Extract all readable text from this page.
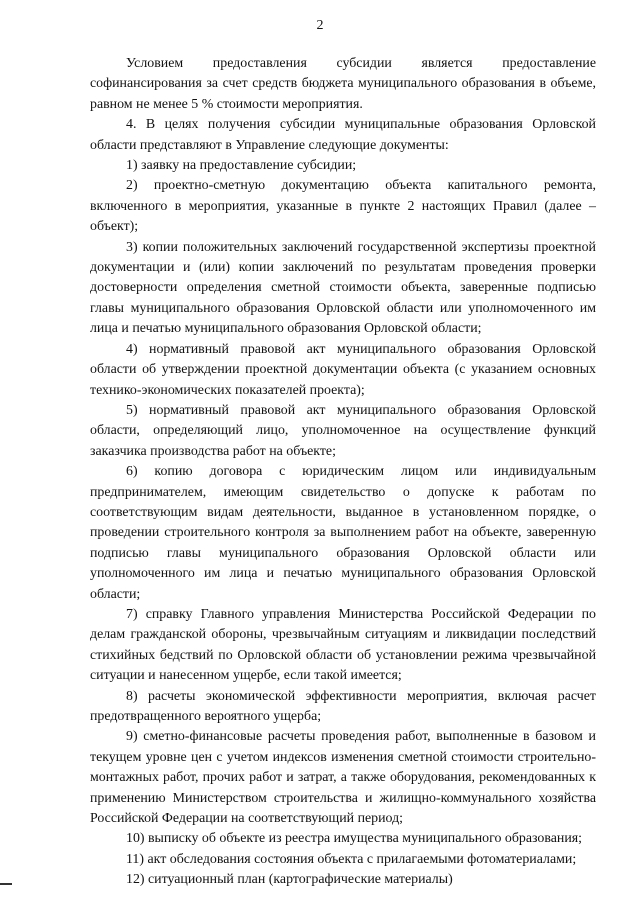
2

Условием предоставления субсидии является предоставление софинансирования за счет средств бюджета муниципального образования в объеме, равном не менее 5 % стоимости мероприятия.

4. В целях получения субсидии муниципальные образования Орловской области представляют в Управление следующие документы:

1) заявку на предоставление субсидии;

2) проектно-сметную документацию объекта капитального ремонта, включенного в мероприятия, указанные в пункте 2 настоящих Правил (далее – объект);

3) копии положительных заключений государственной экспертизы проектной документации и (или) копии заключений по результатам проведения проверки достоверности определения сметной стоимости объекта, заверенные подписью главы муниципального образования Орловской области или уполномоченного им лица и печатью муниципального образования Орловской области;

4) нормативный правовой акт муниципального образования Орловской области об утверждении проектной документации объекта (с указанием основных технико-экономических показателей проекта);

5) нормативный правовой акт муниципального образования Орловской области, определяющий лицо, уполномоченное на осуществление функций заказчика производства работ на объекте;

6) копию договора с юридическим лицом или индивидуальным предпринимателем, имеющим свидетельство о допуске к работам по соответствующим видам деятельности, выданное в установленном порядке, о проведении строительного контроля за выполнением работ на объекте, заверенную подписью главы муниципального образования Орловской области или уполномоченного им лица и печатью муниципального образования Орловской области;

7) справку Главного управления Министерства Российской Федерации по делам гражданской обороны, чрезвычайным ситуациям и ликвидации последствий стихийных бедствий по Орловской области об установлении режима чрезвычайной ситуации и нанесенном ущербе, если такой имеется;

8) расчеты экономической эффективности мероприятия, включая расчет предотвращенного вероятного ущерба;

9) сметно-финансовые расчеты проведения работ, выполненные в базовом и текущем уровне цен с учетом индексов изменения сметной стоимости строительно-монтажных работ, прочих работ и затрат, а также оборудования, рекомендованных к применению Министерством строительства и жилищно-коммунального хозяйства Российской Федерации на соответствующий период;

10) выписку об объекте из реестра имущества муниципального образования;

11) акт обследования состояния объекта с прилагаемыми фотоматериалами;

12) ситуационный план (картографические материалы)
